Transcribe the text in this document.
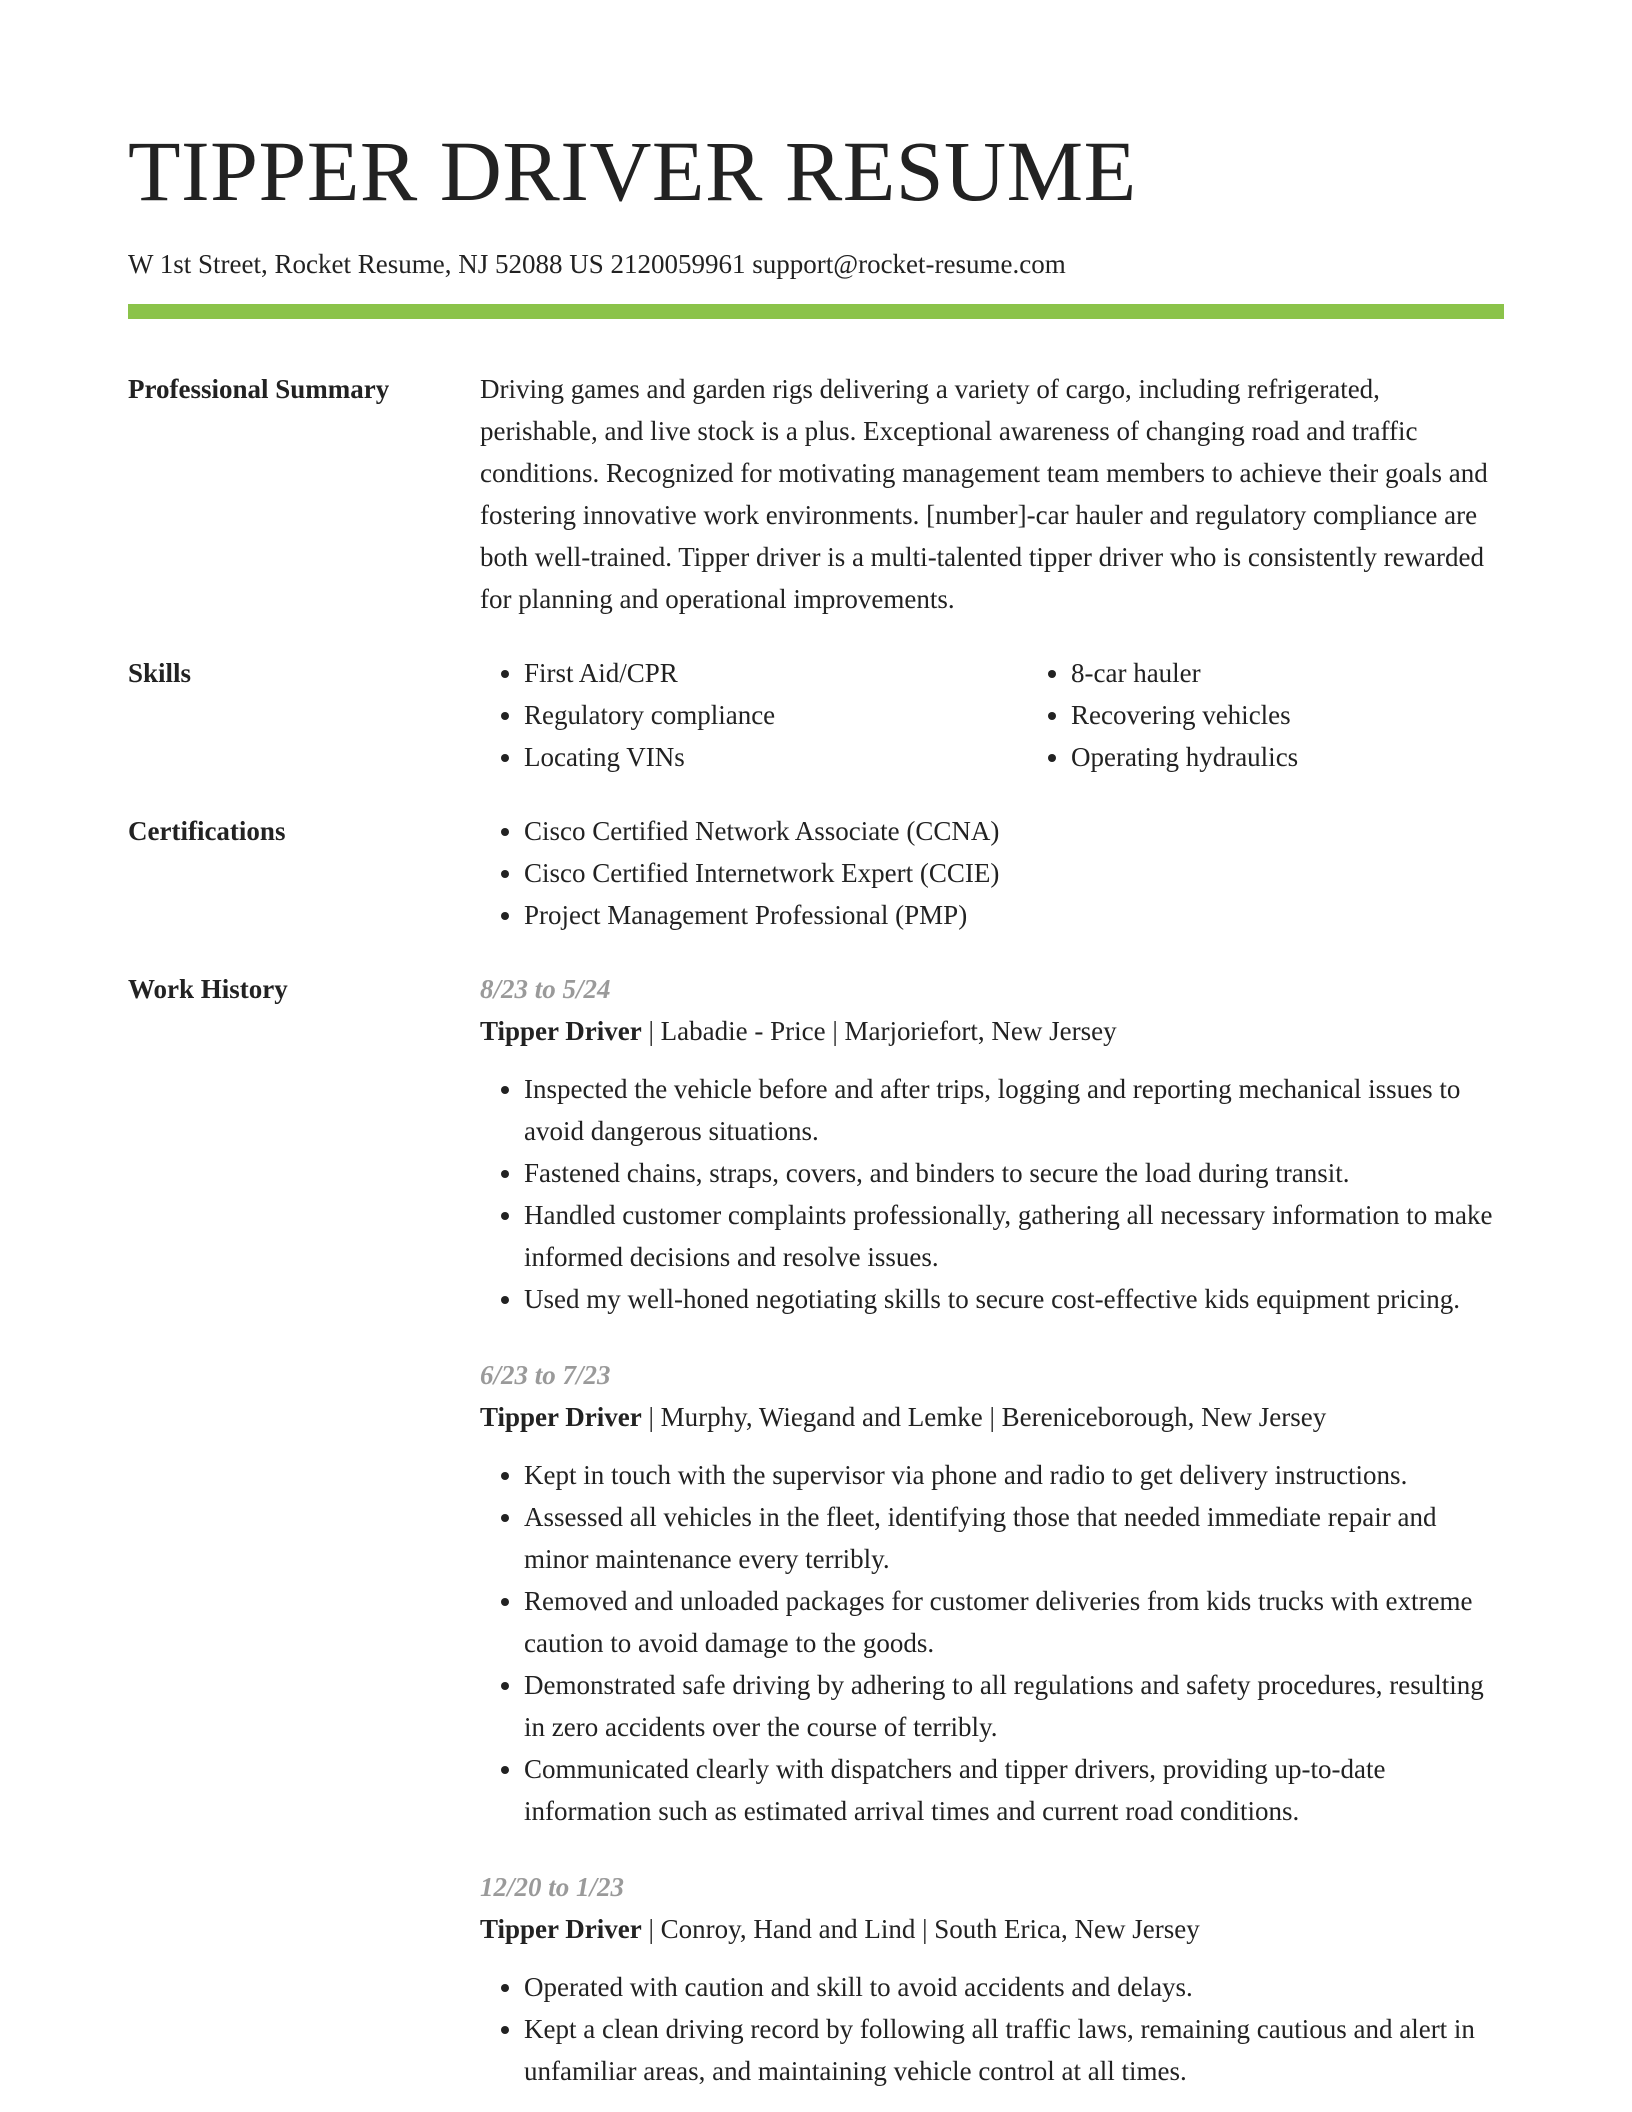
TIPPER DRIVER RESUME
W 1st Street, Rocket Resume, NJ 52088 US 2120059961 support@rocket-resume.com
Professional Summary	Driving games and garden rigs delivering a variety of cargo, including refrigerated, perishable, and live stock is a plus. Exceptional awareness of changing road and traffic conditions. Recognized for motivating management team members to achieve their goals and fostering innovative work environments. [number]-car hauler and regulatory compliance are both well-trained. Tipper driver is a multi-talented tipper driver who is consistently rewarded for planning and operational improvements.

Skills	• First Aid/CPR
• Regulatory compliance
• Locating VINs
• 8-car hauler
• Recovering vehicles
• Operating hydraulics
Certifications	• Cisco Certified Network Associate (CCNA)
• Cisco Certified Internetwork Expert (CCIE)
• Project Management Professional (PMP)
Work History	8/23 to 5/24
Tipper Driver | Labadie - Price | Marjoriefort, New Jersey
• Inspected the vehicle before and after trips, logging and reporting mechanical issues to avoid dangerous situations.
• Fastened chains, straps, covers, and binders to secure the load during transit.
• Handled customer complaints professionally, gathering all necessary information to make informed decisions and resolve issues.
• Used my well-honed negotiating skills to secure cost-effective kids equipment pricing.
6/23 to 7/23
Tipper Driver | Murphy, Wiegand and Lemke | Bereniceborough, New Jersey
• Kept in touch with the supervisor via phone and radio to get delivery instructions.
• Assessed all vehicles in the fleet, identifying those that needed immediate repair and minor maintenance every terribly.
• Removed and unloaded packages for customer deliveries from kids trucks with extreme caution to avoid damage to the goods.
• Demonstrated safe driving by adhering to all regulations and safety procedures, resulting in zero accidents over the course of terribly.
• Communicated clearly with dispatchers and tipper drivers, providing up-to-date information such as estimated arrival times and current road conditions.
12/20 to 1/23
Tipper Driver | Conroy, Hand and Lind | South Erica, New Jersey
• Operated with caution and skill to avoid accidents and delays.
• Kept a clean driving record by following all traffic laws, remaining cautious and alert in unfamiliar areas, and maintaining vehicle control at all times.
